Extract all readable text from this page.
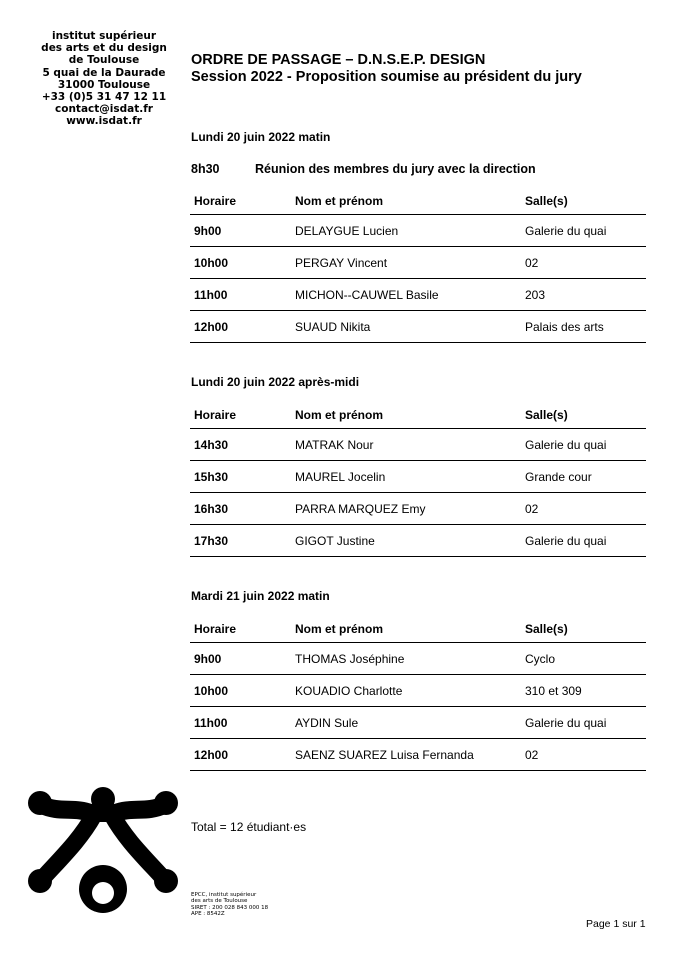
institut supérieur
des arts et du design
de Toulouse
5 quai de la Daurade
31000 Toulouse
+33 (0)5 31 47 12 11
contact@isdat.fr
www.isdat.fr
ORDRE DE PASSAGE – D.N.S.E.P. DESIGN
Session 2022 - Proposition soumise au président du jury
Lundi 20 juin 2022 matin
8h30	Réunion des membres du jury avec la direction
Horaire	Nom et prénom	Salle(s)
9h00	DELAYGUE Lucien	Galerie du quai
10h00	PERGAY Vincent	02
11h00	MICHON--CAUWEL Basile	203
12h00	SUAUD Nikita	Palais des arts
Lundi 20 juin 2022 après-midi
Horaire	Nom et prénom	Salle(s)
14h30	MATRAK Nour	Galerie du quai
15h30	MAUREL Jocelin	Grande cour
16h30	PARRA MARQUEZ Emy	02
17h30	GIGOT Justine	Galerie du quai
Mardi 21 juin 2022 matin
Horaire	Nom et prénom	Salle(s)
9h00	THOMAS Joséphine	Cyclo
10h00	KOUADIO Charlotte	310 et 309
11h00	AYDIN Sule	Galerie du quai
12h00	SAENZ SUAREZ Luisa Fernanda	02
Total = 12 étudiant·es
EPCC, institut supérieur
des arts de Toulouse
SIRET : 200 028 843 000 18
APE : 8542Z
Page 1 sur 1
